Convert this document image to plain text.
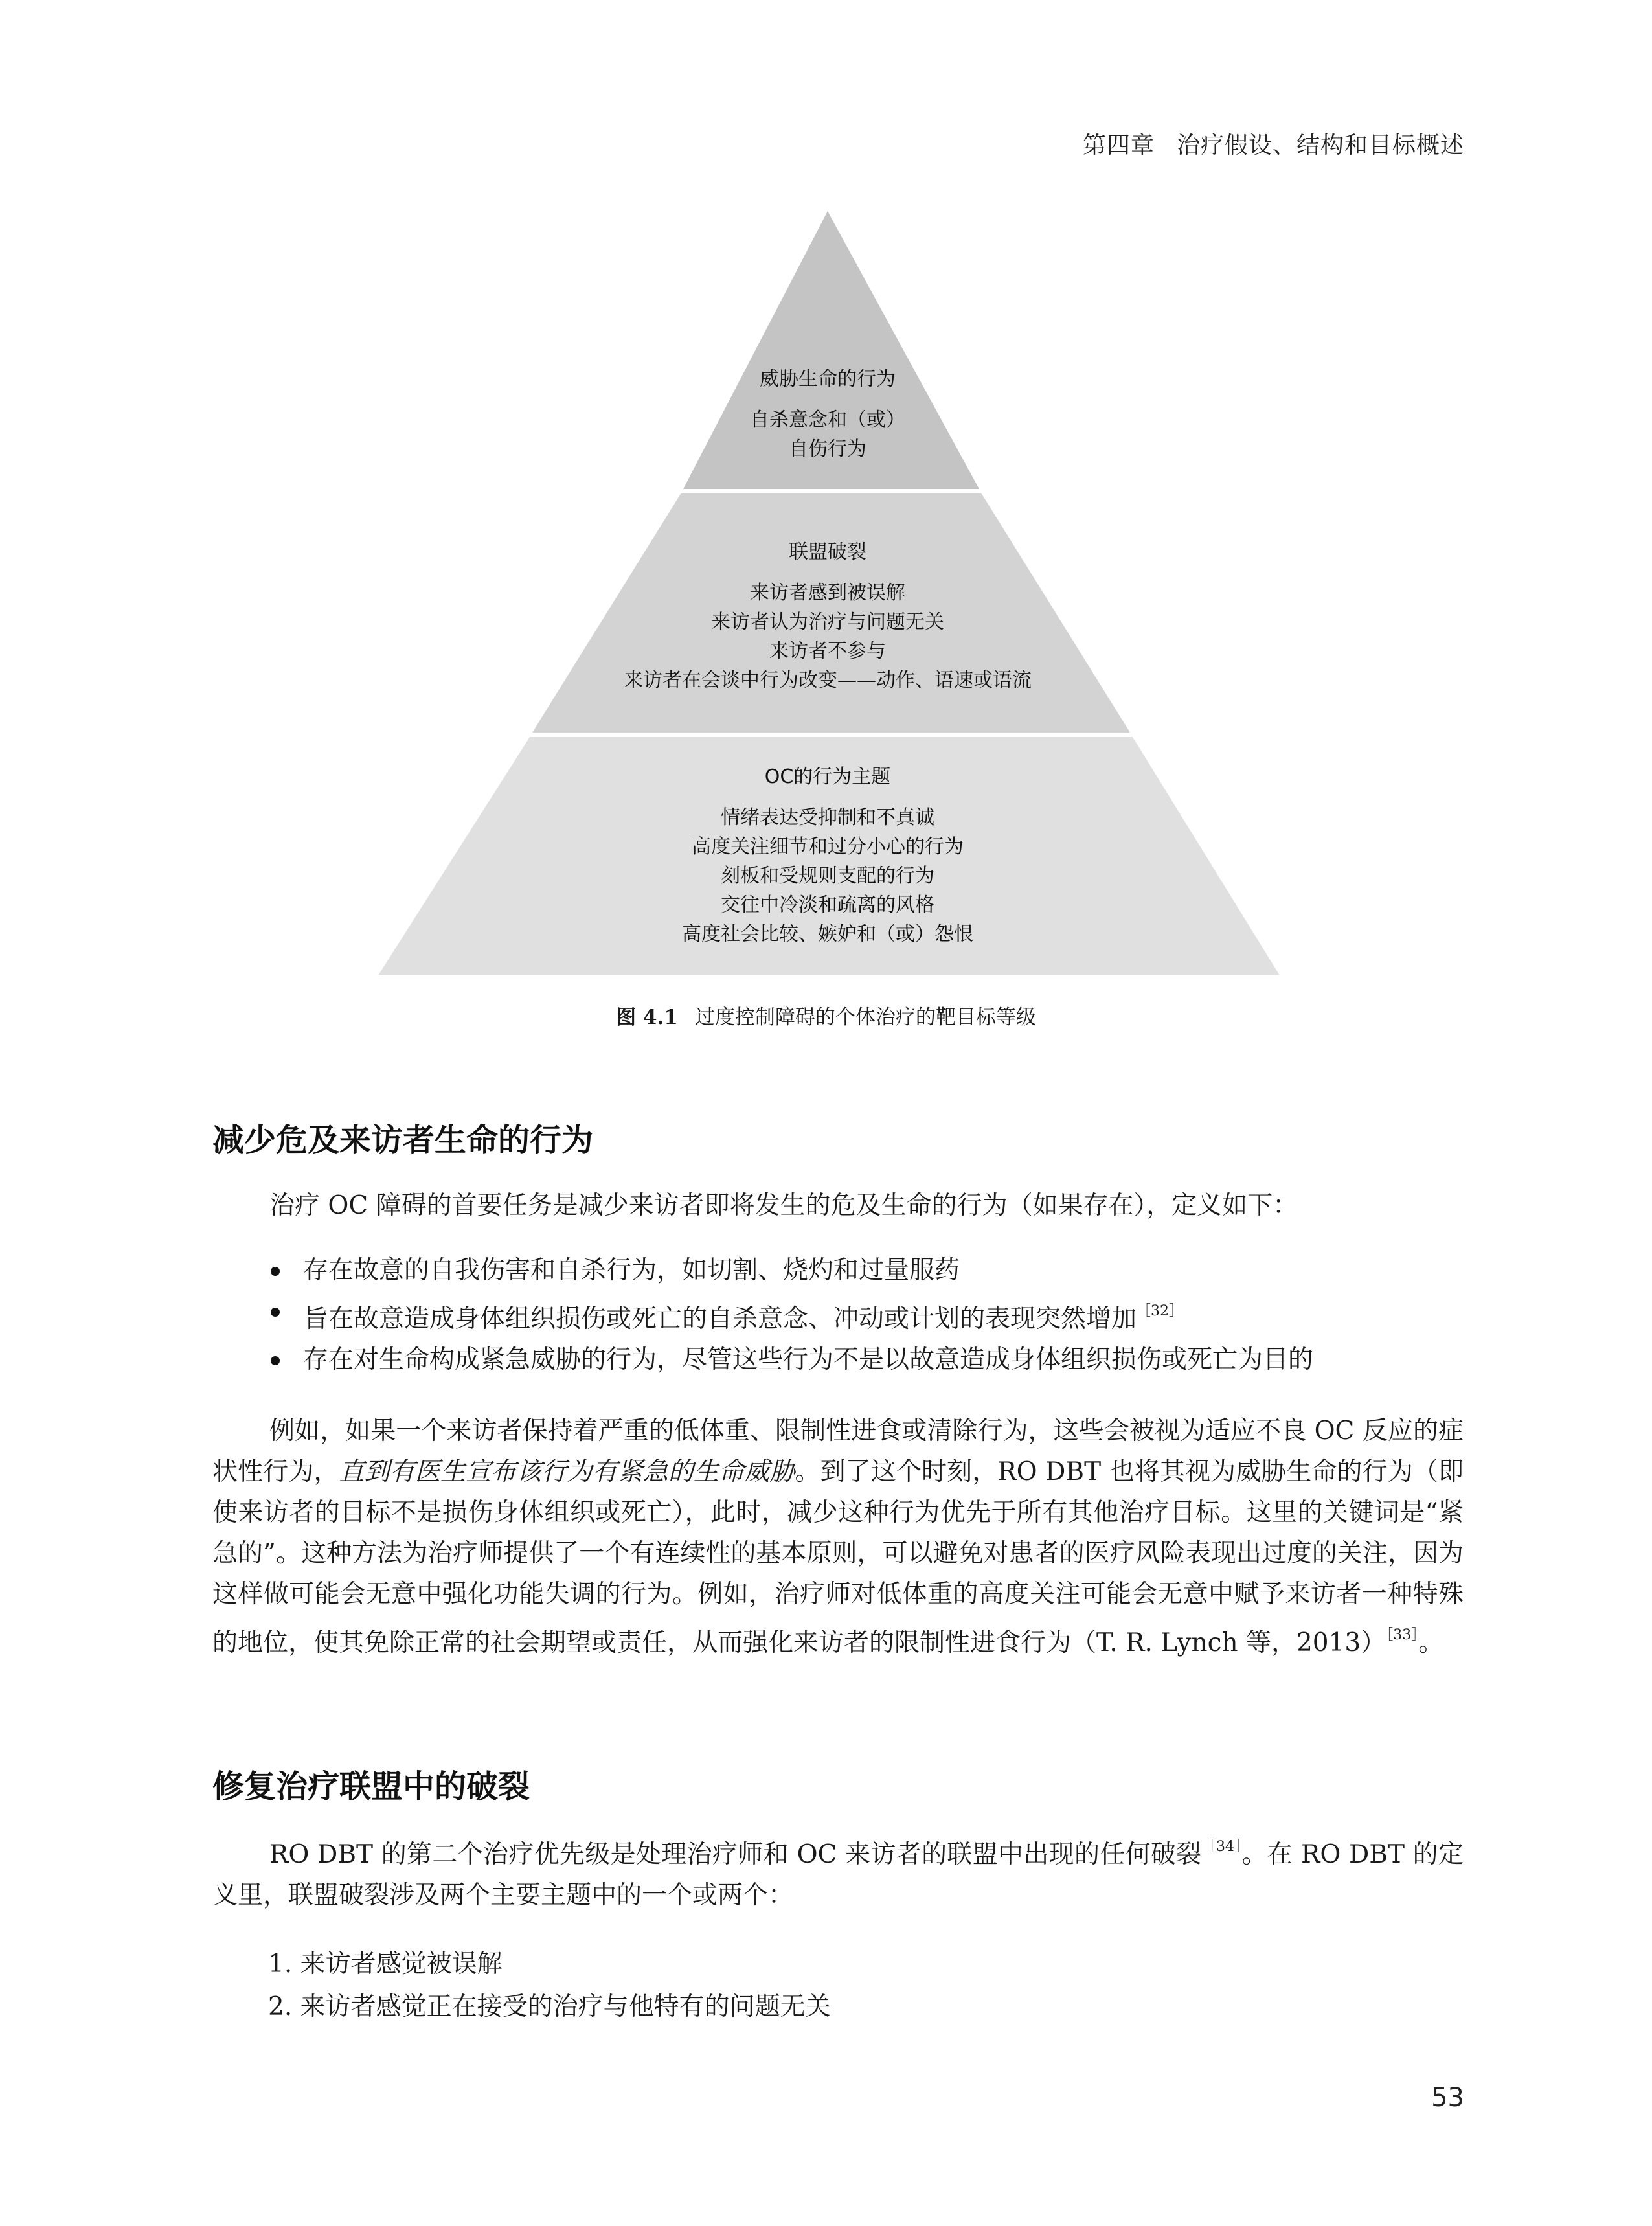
第四章 治疗假设、结构和目标概述
威胁生命的行为
自杀意念和（或）
自伤行为
联盟破裂
来访者感到被误解
来访者认为治疗与问题无关
来访者不参与
来访者在会谈中行为改变——动作、语速或语流
OC的行为主题
情绪表达受抑制和不真诚
高度关注细节和过分小心的行为
刻板和受规则支配的行为
交往中冷淡和疏离的风格
高度社会比较、嫉妒和（或）怨恨
图 4.1 过度控制障碍的个体治疗的靶目标等级
减少危及来访者生命的行为
治疗 OC 障碍的首要任务是减少来访者即将发生的危及生命的行为（如果存在），定义如下：
存在故意的自我伤害和自杀行为，如切割、烧灼和过量服药
旨在故意造成身体组织损伤或死亡的自杀意念、冲动或计划的表现突然增加$^{[32]}$
存在对生命构成紧急威胁的行为，尽管这些行为不是以故意造成身体组织损伤或死亡为目的
例如，如果一个来访者保持着严重的低体重、限制性进食或清除行为，这些会被视为适应不良 OC 反应的症状性行为，直到有医生宣布该行为有紧急的生命威胁。到了这个时刻，RO DBT 也将其视为威胁生命的行为（即使来访者的目标不是损伤身体组织或死亡），此时，减少这种行为优先于所有其他治疗目标。这里的关键词是“紧急的”。这种方法为治疗师提供了一个有连续性的基本原则，可以避免对患者的医疗风险表现出过度的关注，因为这样做可能会无意中强化功能失调的行为。例如，治疗师对低体重的高度关注可能会无意中赋予来访者一种特殊的地位，使其免除正常的社会期望或责任，从而强化来访者的限制性进食行为（T. R. Lynch 等，2013）$^{[33]}$。
修复治疗联盟中的破裂
RO DBT 的第二个治疗优先级是处理治疗师和 OC 来访者的联盟中出现的任何破裂$^{[34]}$。在 RO DBT 的定义里，联盟破裂涉及两个主要主题中的一个或两个：
1. 来访者感觉被误解
2. 来访者感觉正在接受的治疗与他特有的问题无关
53
